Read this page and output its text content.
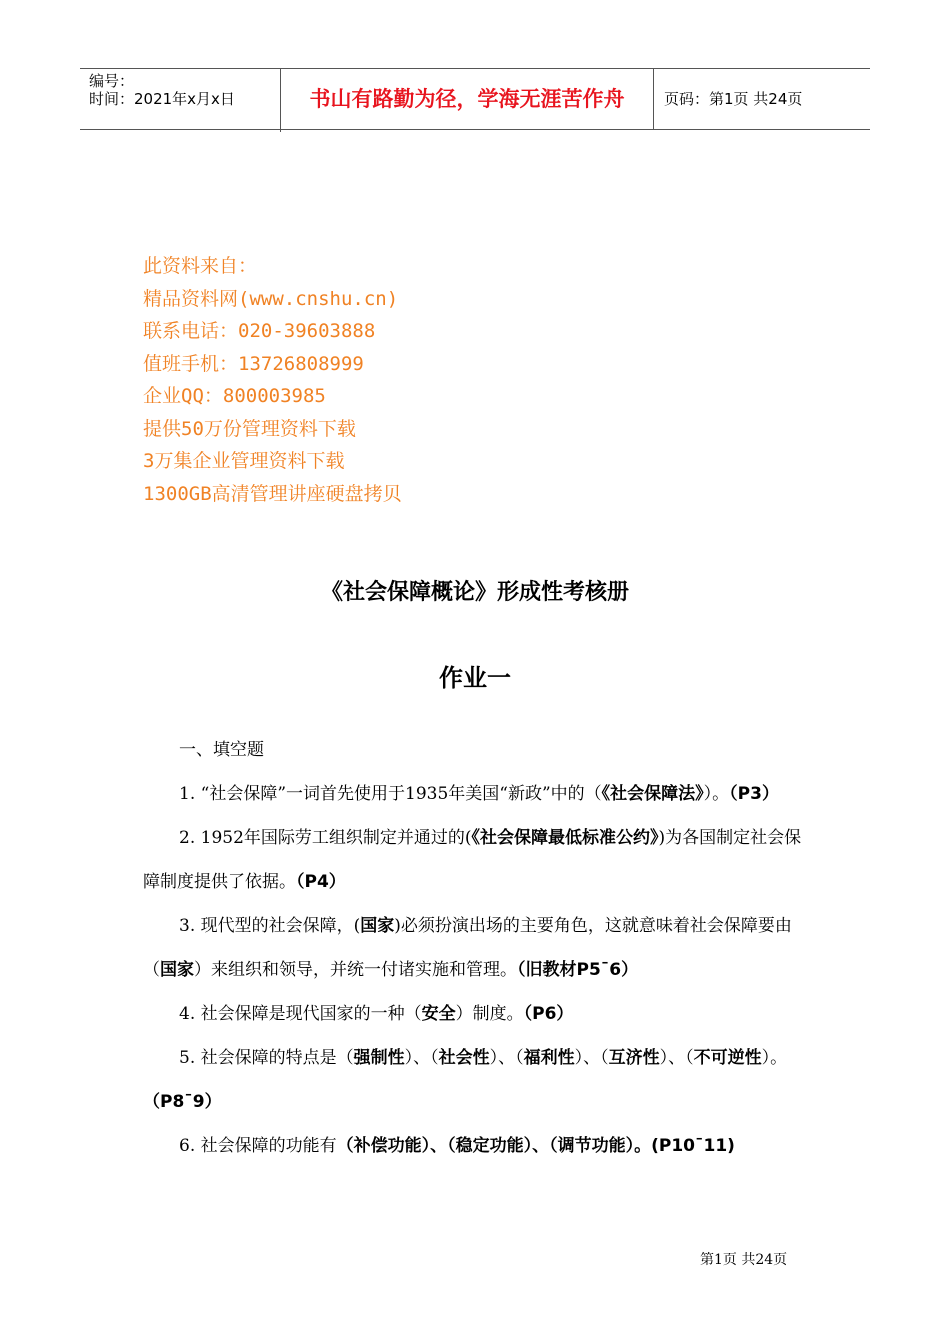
编号：
时间：2021年x月x日	书山有路勤为径，学海无涯苦作舟	页码：第1页 共24页
此资料来自：
精品资料网(www.cnshu.cn)
联系电话：020-39603888
值班手机：13726808999
企业QQ：800003985
提供50万份管理资料下载
3万集企业管理资料下载
1300GB高清管理讲座硬盘拷贝
《社会保障概论》形成性考核册
作业一

一、填空题

1. “社会保障”一词首先使用于1935年美国“新政”中的（《社会保障法》）。（P3）

2. 1952年国际劳工组织制定并通过的(《社会保障最低标准公约》)为各国制定社会保障制度提供了依据。（P4）

3. 现代型的社会保障，(国家)必须扮演出场的主要角色，这就意味着社会保障要由（国家）来组织和领导，并统一付诸实施和管理。（旧教材P5¯6）

4. 社会保障是现代国家的一种（安全）制度。（P6）

5. 社会保障的特点是（强制性）、（社会性）、（福利性）、（互济性）、（不可逆性）。（P8¯9）

6. 社会保障的功能有（补偿功能）、（稳定功能）、（调节功能）。(P10¯11)

第1页 共24页
